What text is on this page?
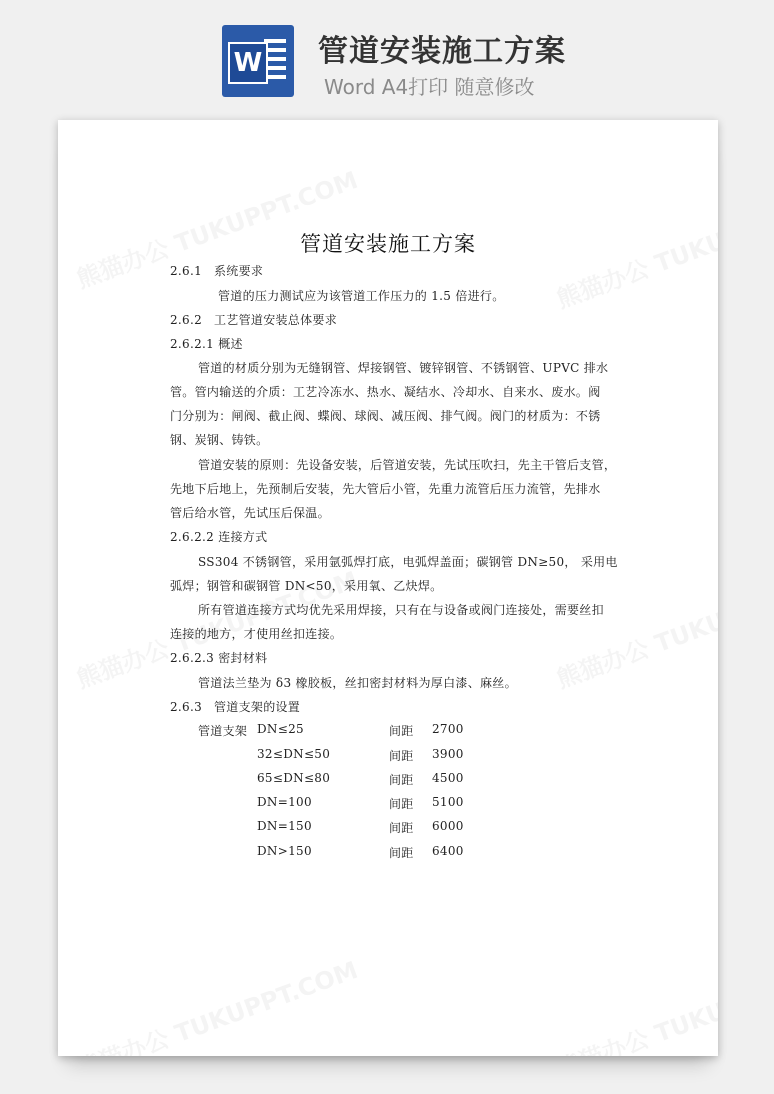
W 管道安装施工方案
Word A4打印 随意修改
管道安装施工方案
2.6.1 系统要求
管道的压力测试应为该管道工作压力的 1.5 倍进行。
2.6.2 工艺管道安装总体要求
2.6.2.1 概述
管道的材质分别为无缝钢管、焊接钢管、镀锌钢管、不锈钢管、UPVC 排水
管。管内输送的介质：工艺冷冻水、热水、凝结水、冷却水、自来水、废水。阀
门分别为：闸阀、截止阀、蝶阀、球阀、减压阀、排气阀。阀门的材质为：不锈
钢、炭钢、铸铁。
管道安装的原则：先设备安装，后管道安装，先试压吹扫，先主干管后支管，
先地下后地上，先预制后安装，先大管后小管，先重力流管后压力流管，先排水
管后给水管，先试压后保温。
2.6.2.2 连接方式
SS304 不锈钢管，采用氩弧焊打底，电弧焊盖面；碳钢管 DN≥50， 采用电
弧焊；钢管和碳钢管 DN<50，采用氧、乙炔焊。
所有管道连接方式均优先采用焊接，只有在与设备或阀门连接处，需要丝扣
连接的地方，才使用丝扣连接。
2.6.2.3 密封材料
管道法兰垫为 δ3 橡胶板，丝扣密封材料为厚白漆、麻丝。
2.6.3 管道支架的设置
管道支架 DN≤25	间距 2700
32≤DN≤50	间距 3900
65≤DN≤80	间距 4500
DN=100	间距 5100
DN=150	间距 6000
DN>150	间距 6400
